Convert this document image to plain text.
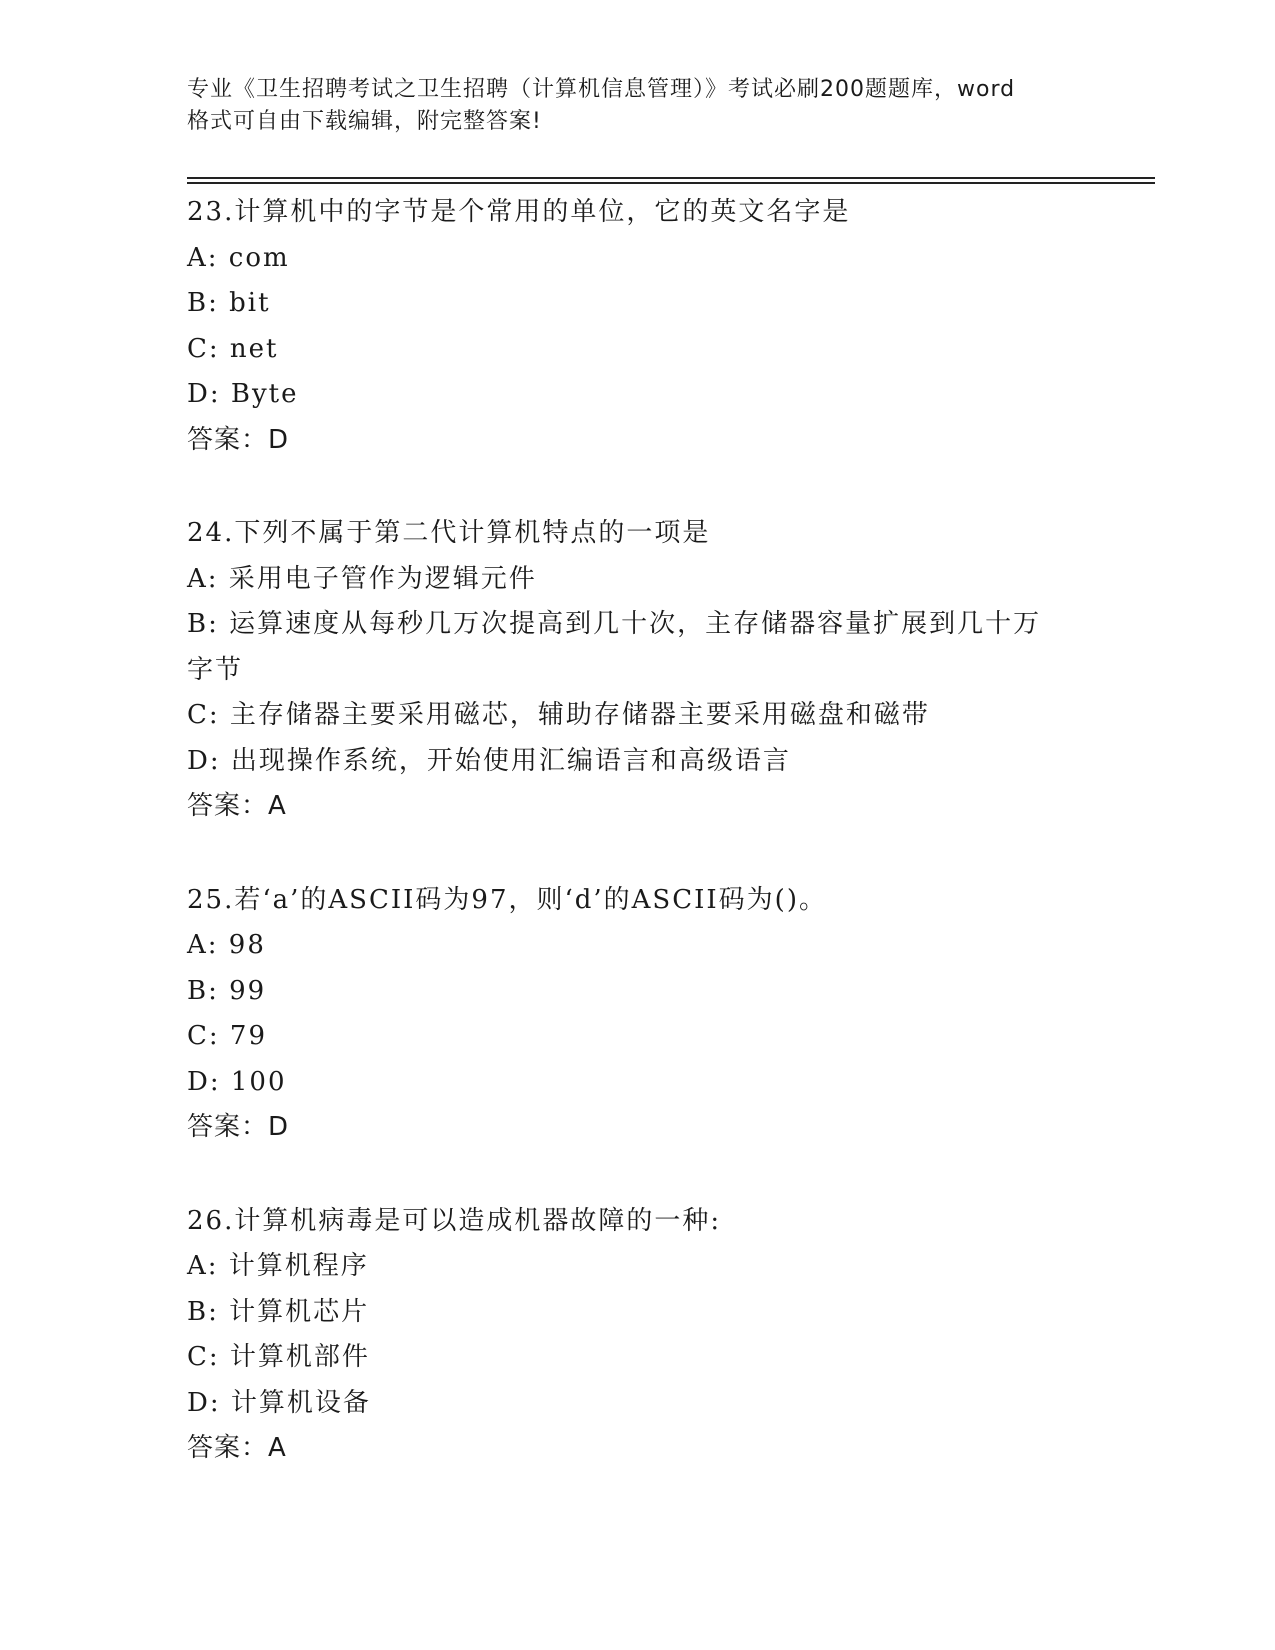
专业《卫生招聘考试之卫生招聘（计算机信息管理）》考试必刷200题题库，word
格式可自由下载编辑，附完整答案!
23.计算机中的字节是个常用的单位，它的英文名字是
A: com
B: bit
C: net
D: Byte
答案：D
24.下列不属于第二代计算机特点的一项是
A: 采用电子管作为逻辑元件
B: 运算速度从每秒几万次提高到几十次，主存储器容量扩展到几十万
字节
C: 主存储器主要采用磁芯，辅助存储器主要采用磁盘和磁带
D: 出现操作系统，开始使用汇编语言和高级语言
答案：A
25.若‘a’的ASCII码为97，则‘d’的ASCII码为()。
A: 98
B: 99
C: 79
D: 100
答案：D
26.计算机病毒是可以造成机器故障的一种:
A: 计算机程序
B: 计算机芯片
C: 计算机部件
D: 计算机设备
答案：A
